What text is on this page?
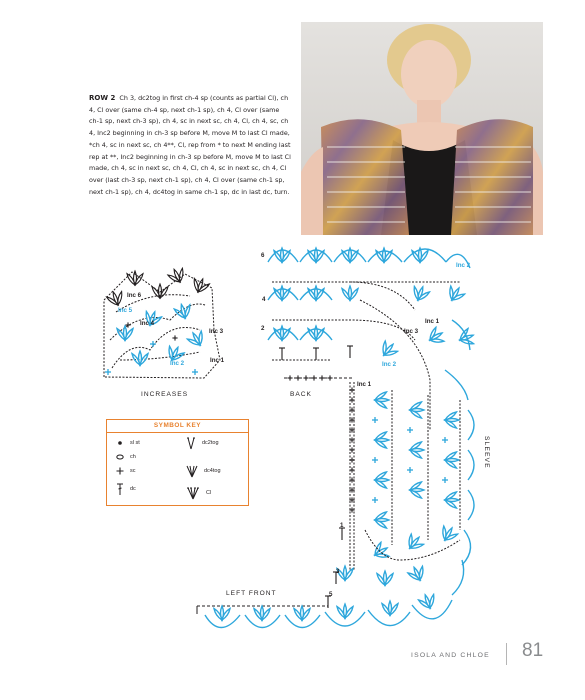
ROW 2 Ch 3, dc2tog in first ch-4 sp (counts as partial Cl), ch 4, Cl over (same ch-4 sp, next ch-1 sp), ch 4, Cl over (same ch-1 sp, next ch-3 sp), ch 4, sc in next sc, ch 4, Cl, ch 4, sc, ch 4, Inc2 beginning in ch-3 sp before M, move M to last Cl made, *ch 4, sc in next sc, ch 4**, Cl, rep from * to next M ending last rep at **, Inc2 beginning in ch-3 sp before M, move M to last Cl made, ch 4, sc in next sc, ch 4, Cl, ch 4, sc in next sc, ch 4, Cl over (last ch-3 sp, next ch-1 sp), ch 4, Cl over (same ch-1 sp, next ch-1 sp), ch 4, dc4tog in same ch-1 sp, dc in last dc, turn.
Inc 6
Inc 5
Inc 4
Inc 3
Inc 2	Inc 1
INCREASES
Inc 2
Inc 1
Inc 3
Inc 2
Inc 1
6
4
2
1
3
5
BACK
LEFT FRONT
SLEEVE
SYMBOL KEY
sl st	dc2tog
ch
dc4tog
sc
dc
Cl
ISOLA AND CHLOE 81
